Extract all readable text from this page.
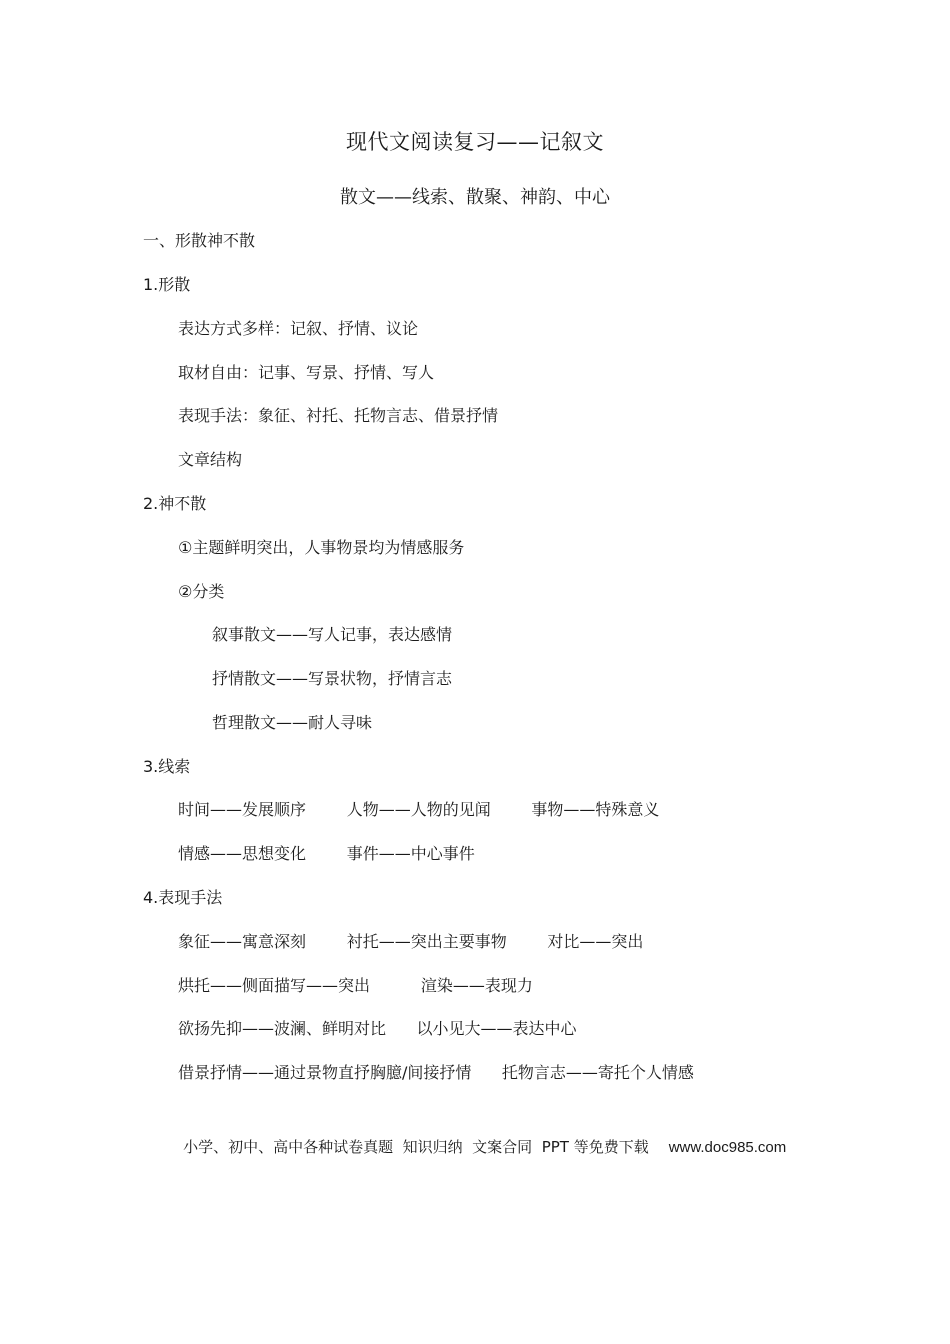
现代文阅读复习——记叙文
散文——线索、散聚、神韵、中心
一、形散神不散
1.形散
表达方式多样：记叙、抒情、议论
取材自由：记事、写景、抒情、写人
表现手法：象征、衬托、托物言志、借景抒情
文章结构
2.神不散
①主题鲜明突出，人事物景均为情感服务
②分类
叙事散文——写人记事，表达感情
抒情散文——写景状物，抒情言志
哲理散文——耐人寻味
3.线索
时间——发展顺序        人物——人物的见闻        事物——特殊意义
情感——思想变化        事件——中心事件
4.表现手法
象征——寓意深刻        衬托——突出主要事物        对比——突出
烘托——侧面描写——突出          渲染——表现力
欲扬先抑——波澜、鲜明对比      以小见大——表达中心
借景抒情——通过景物直抒胸臆/间接抒情      托物言志——寄托个人情感

小学、初中、高中各种试卷真题  知识归纳  文案合同  PPT 等免费下载 www.doc985.com
